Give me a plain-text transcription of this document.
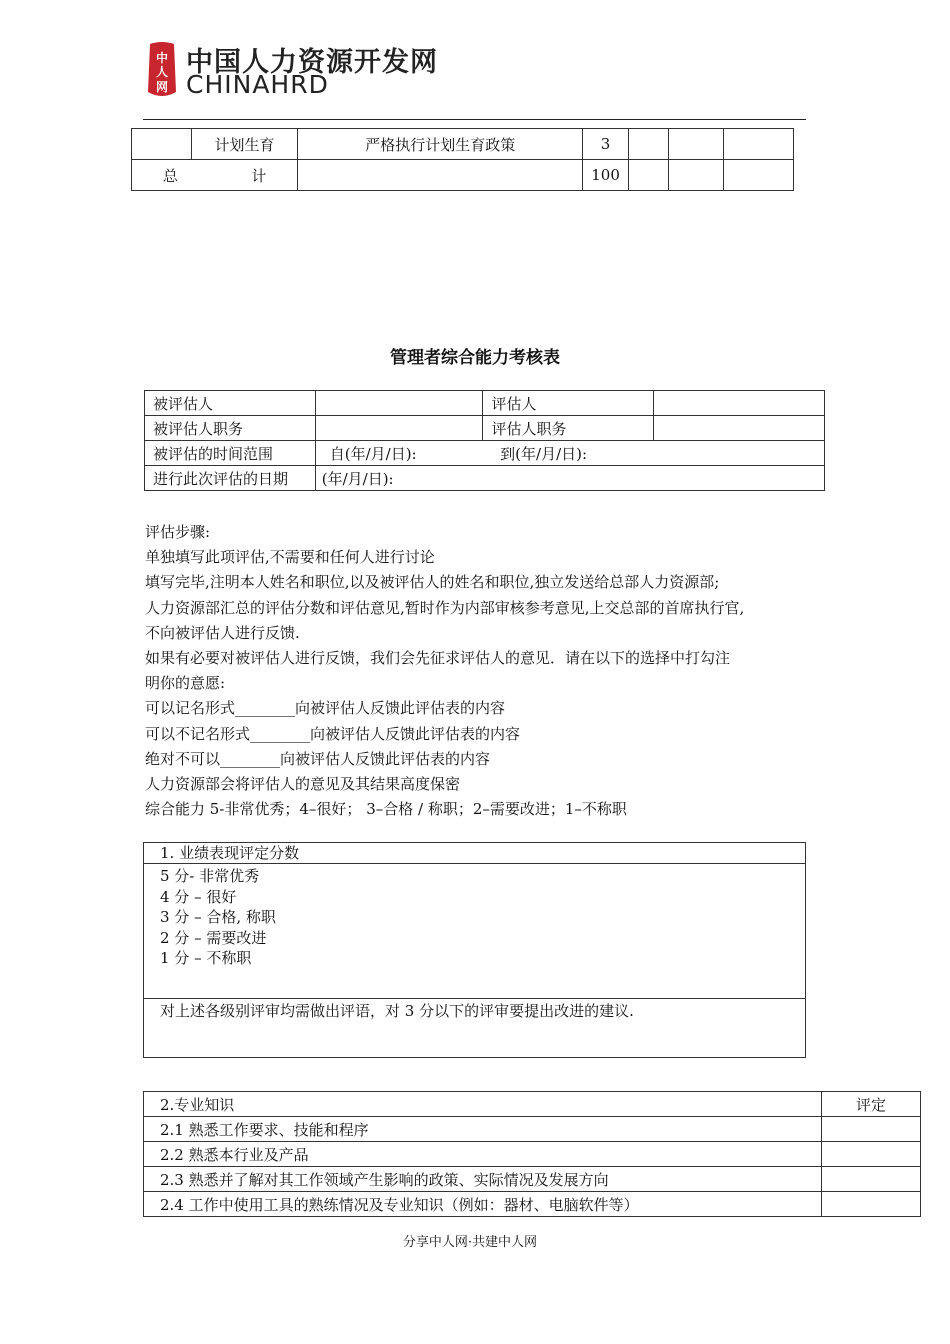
中
人
网
中国人力资源开发网
CHINAHRD
	计划生育	严格执行计划生育政策	3			
总 计			100			
管理者综合能力考核表
被评估人		评估人	
被评估人职务		评估人职务	
被评估的时间范围	自(年/月/日): 到(年/月/日):		
进行此次评估的日期	(年/月/日):		
评估步骤:
单独填写此项评估,不需要和任何人进行讨论
填写完毕,注明本人姓名和职位,以及被评估人的姓名和职位,独立发送给总部人力资源部;
人力资源部汇总的评估分数和评估意见,暂时作为内部审核参考意见,上交总部的首席执行官,
不向被评估人进行反馈.
如果有必要对被评估人进行反馈，我们会先征求评估人的意见．请在以下的选择中打勾注
明你的意愿:
可以记名形式________向被评估人反馈此评估表的内容
可以不记名形式________向被评估人反馈此评估表的内容
绝对不可以________向被评估人反馈此评估表的内容
人力资源部会将评估人的意见及其结果高度保密
综合能力 5-非常优秀；4–很好； 3–合格 / 称职；2–需要改进；1–不称职
1. 业绩表现评定分数
5 分- 非常优秀
4 分 – 很好
3 分 – 合格, 称职
2 分 – 需要改进
1 分 – 不称职
对上述各级别评审均需做出评语，对 3 分以下的评审要提出改进的建议.
2.专业知识	评定
2.1 熟悉工作要求、技能和程序	
2.2 熟悉本行业及产品	
2.3 熟悉并了解对其工作领域产生影响的政策、实际情况及发展方向	
2.4 工作中使用工具的熟练情况及专业知识（例如：器材、电脑软件等）	
分享中人网·共建中人网
